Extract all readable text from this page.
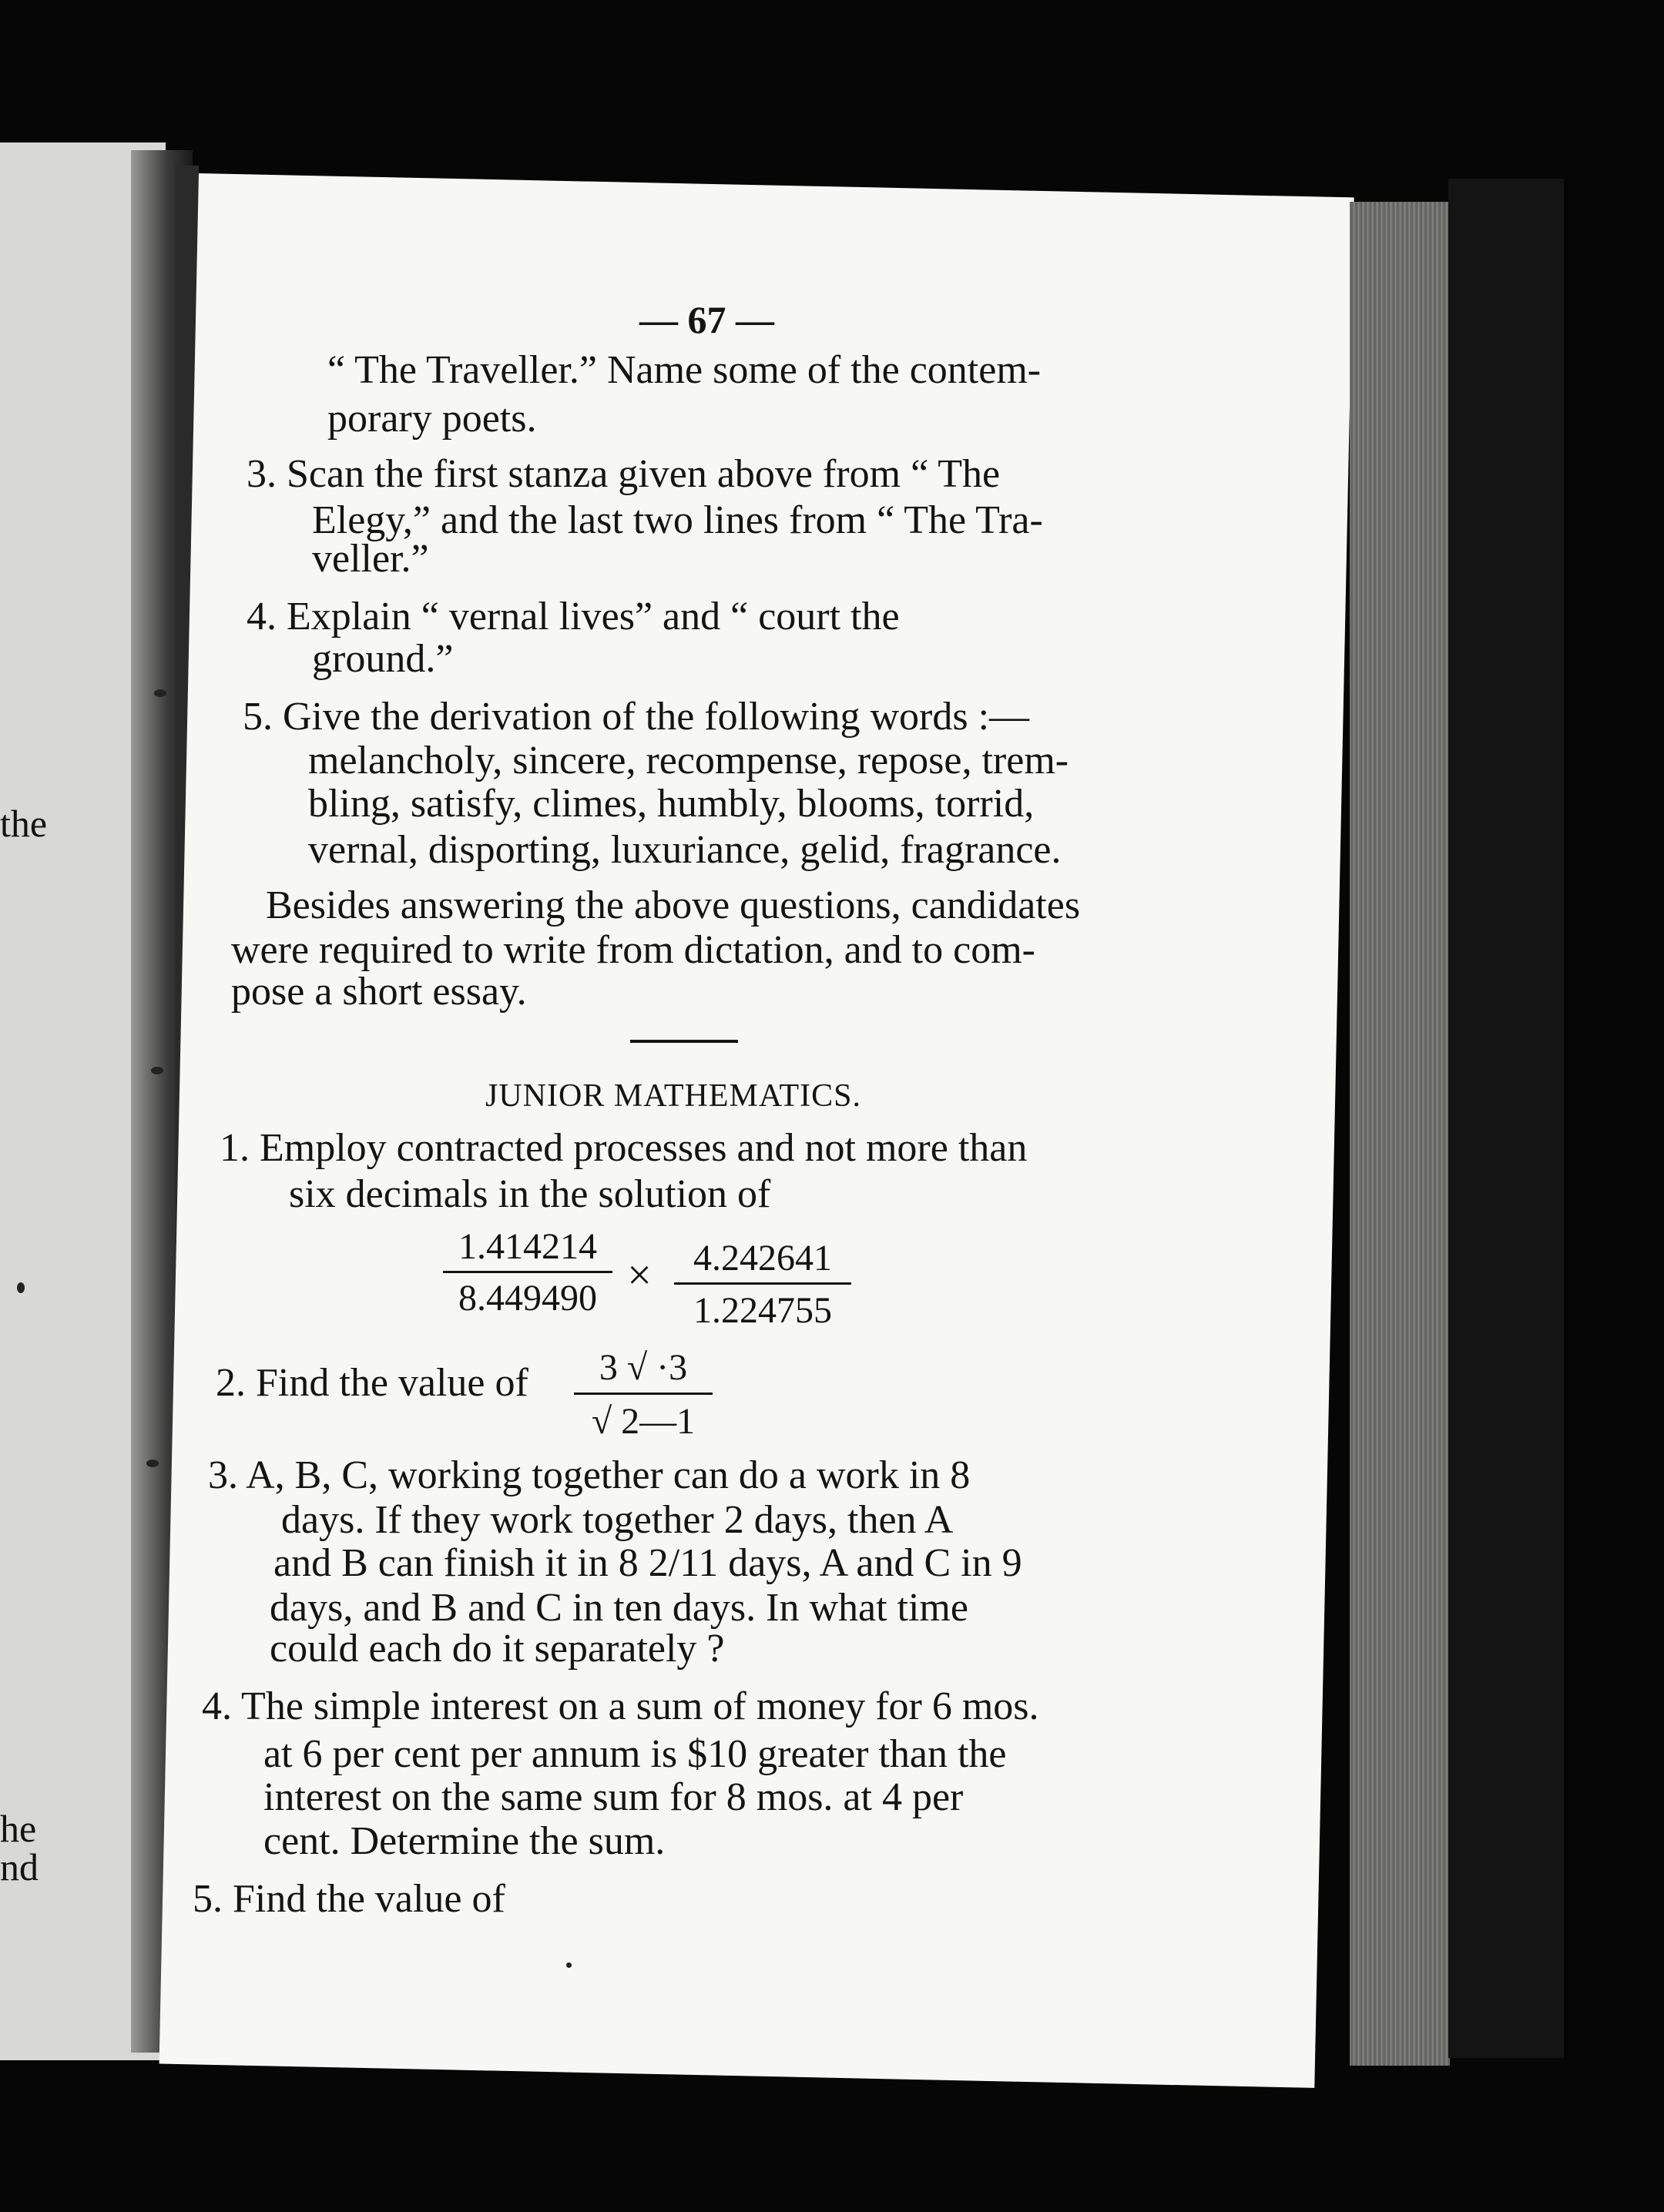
the
he
nd
— 67 —
“ The Traveller.” Name some of the contem-
porary poets.
3. Scan the first stanza given above from “ The
Elegy,” and the last two lines from “ The Tra-
veller.”
4. Explain “ vernal lives” and “ court the
ground.”
5. Give the derivation of the following words :—
melancholy, sincere, recompense, repose, trem-
bling, satisfy, climes, humbly, blooms, torrid,
vernal, disporting, luxuriance, gelid, fragrance.
Besides answering the above questions, candidates
were required to write from dictation, and to com-
pose a short essay.
JUNIOR MATHEMATICS.
1. Employ contracted processes and not more than
six decimals in the solution of
1.414214
8.449490 ×	4.242641
1.224755
2. Find the value of	3 √ ·3
√ 2—1
3. A, B, C, working together can do a work in 8
days. If they work together 2 days, then A
and B can finish it in 8 2/11 days, A and C in 9
days, and B and C in ten days. In what time
could each do it separately ?
4. The simple interest on a sum of money for 6 mos.
at 6 per cent per annum is $10 greater than the
interest on the same sum for 8 mos. at 4 per
cent. Determine the sum.
5. Find the value of
